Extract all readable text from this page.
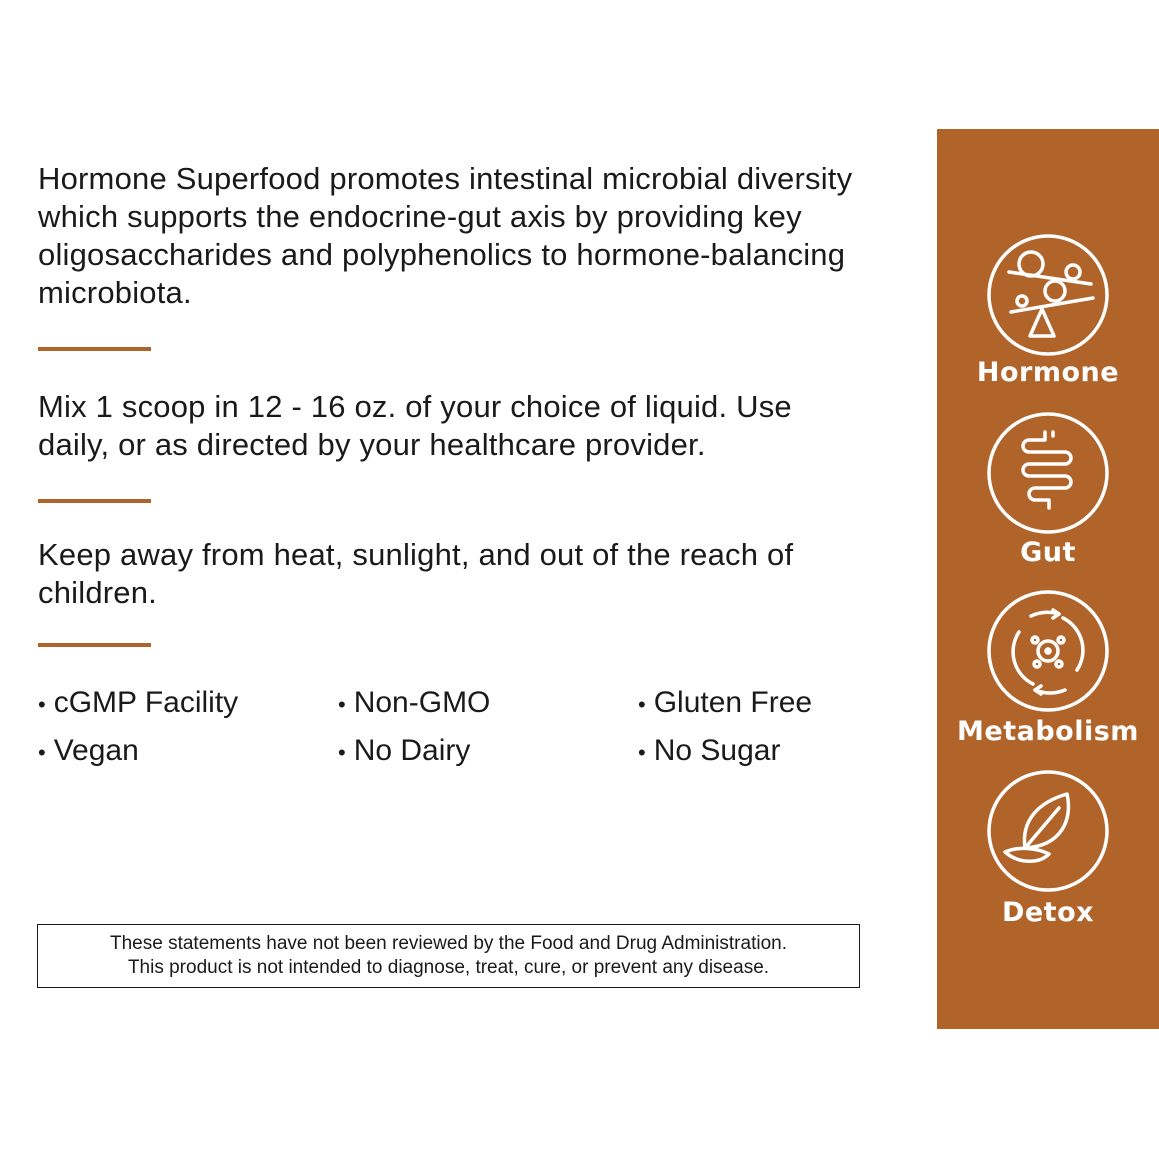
Hormone Superfood promotes intestinal microbial diversity which supports the endocrine-gut axis by providing key oligosaccharides and polyphenolics to hormone-balancing microbiota.

Mix 1 scoop in 12 - 16 oz. of your choice of liquid. Use daily, or as directed by your healthcare provider.

Keep away from heat, sunlight, and out of the reach of children.

• cGMP Facility	• Non-GMO	• Gluten Free
• Vegan	• No Dairy	• No Sugar
These statements have not been reviewed by the Food and Drug Administration.
This product is not intended to diagnose, treat, cure, or prevent any disease.
Hormone
Gut
Metabolism
Detox
